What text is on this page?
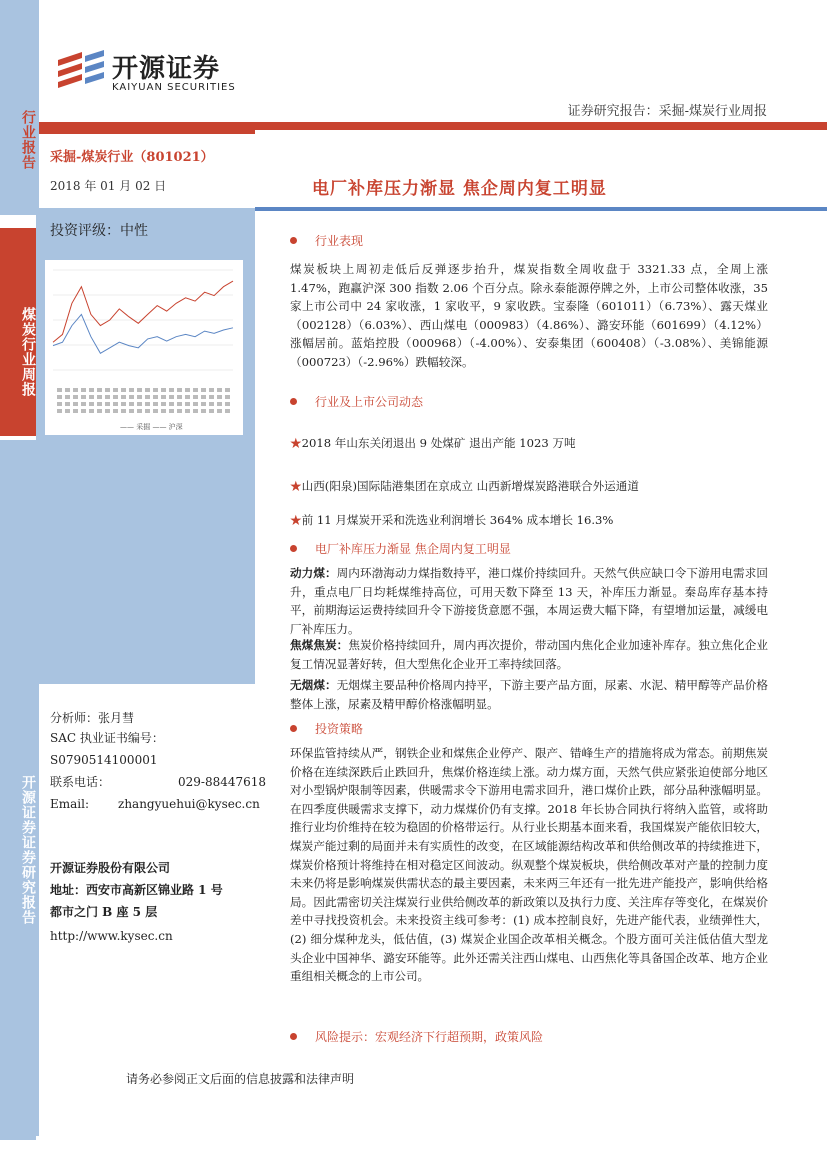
行业报告
煤炭行业周报
开源证券证券研究报告
开源证券
KAIYUAN SECURITIES
证券研究报告：采掘-煤炭行业周报
采掘-煤炭行业（801021）
2018 年 01 月 02 日	电厂补库压力渐显 焦企周内复工明显
投资评级：中性
—— 采掘 —— 沪深
分析师：张月彗
SAC 执业证书编号：
S0790514100001
联系电话：	029-88447618
Email: zhangyuehui@kysec.cn
开源证券股份有限公司
地址：西安市高新区锦业路 1 号
都市之门 B 座 5 层
http://www.kysec.cn
行业表现
煤炭板块上周初走低后反弹逐步抬升，煤炭指数全周收盘于 3321.33 点，全周上涨 1.47%，跑赢沪深 300 指数 2.06 个百分点。除永泰能源停牌之外，上市公司整体收涨，35 家上市公司中 24 家收涨，1 家收平，9 家收跌。宝泰隆（601011）（6.73%）、露天煤业（002128）（6.03%）、西山煤电（000983）（4.86%）、潞安环能（601699）（4.12%）涨幅居前。蓝焰控股（000968）（-4.00%）、安泰集团（600408）（-3.08%）、美锦能源（000723）（-2.96%）跌幅较深。
行业及上市公司动态
★2018 年山东关闭退出 9 处煤矿 退出产能 1023 万吨
★山西(阳泉)国际陆港集团在京成立 山西新增煤炭路港联合外运通道
★前 11 月煤炭开采和洗选业利润增长 364% 成本增长 16.3%
电厂补库压力渐显 焦企周内复工明显
动力煤：周内环渤海动力煤指数持平，港口煤价持续回升。天然气供应缺口令下游用电需求回升，重点电厂日均耗煤维持高位，可用天数下降至 13 天，补库压力渐显。秦岛库存基本持平，前期海运运费持续回升令下游接货意愿不强，本周运费大幅下降，有望增加运量，减缓电厂补库压力。
焦煤焦炭：焦炭价格持续回升，周内再次提价，带动国内焦化企业加速补库存。独立焦化企业复工情况显著好转，但大型焦化企业开工率持续回落。
无烟煤：无烟煤主要品种价格周内持平，下游主要产品方面，尿素、水泥、精甲醇等产品价格整体上涨，尿素及精甲醇价格涨幅明显。
投资策略
环保监管持续从严，钢铁企业和煤焦企业停产、限产、错峰生产的措施将成为常态。前期焦炭价格在连续深跌后止跌回升，焦煤价格连续上涨。动力煤方面，天然气供应紧张迫使部分地区对小型锅炉限制等因素，供暖需求令下游用电需求回升，港口煤价止跌，部分品种涨幅明显。在四季度供暖需求支撑下，动力煤煤价仍有支撑。2018 年长协合同执行将纳入监管，或将助推行业均价维持在较为稳固的价格带运行。从行业长期基本面来看，我国煤炭产能依旧较大，煤炭产能过剩的局面并未有实质性的改变，在区域能源结构改革和供给侧改革的持续推进下，煤炭价格预计将维持在相对稳定区间波动。纵观整个煤炭板块，供给侧改革对产量的控制力度未来仍将是影响煤炭供需状态的最主要因素，未来两三年还有一批先进产能投产，影响供给格局。因此需密切关注煤炭行业供给侧改革的新政策以及执行力度、关注库存等变化，在煤炭价差中寻找投资机会。未来投资主线可参考：(1) 成本控制良好，先进产能代表，业绩弹性大，(2) 细分煤种龙头，低估值，(3) 煤炭企业国企改革相关概念。个股方面可关注低估值大型龙头企业中国神华、潞安环能等。此外还需关注西山煤电、山西焦化等具备国企改革、地方企业重组相关概念的上市公司。
风险提示：宏观经济下行超预期，政策风险
请务必参阅正文后面的信息披露和法律声明
